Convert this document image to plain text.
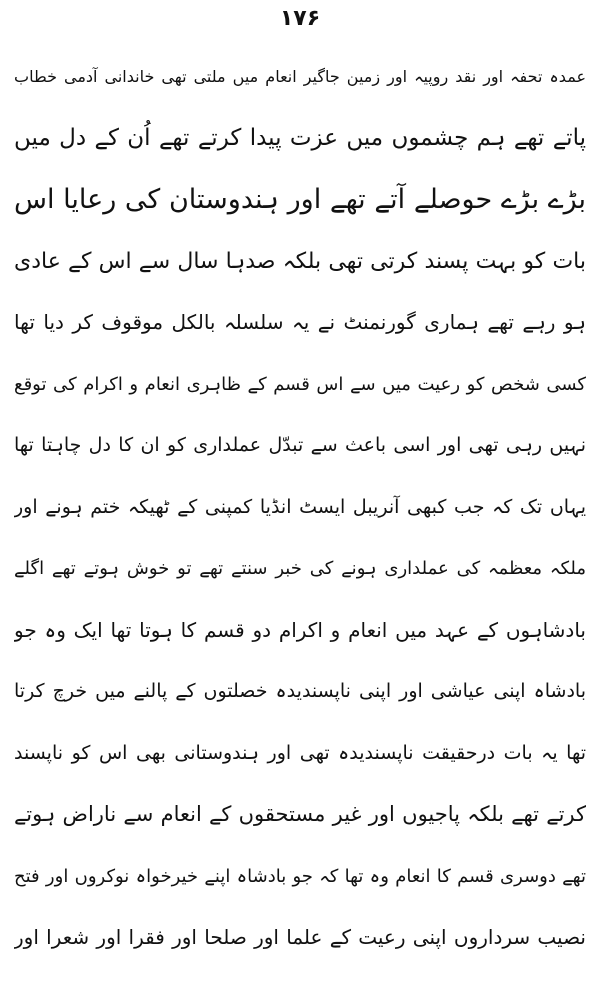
۱۷۶
عمدہ تحفہ اور نقد روپیہ اور زمین جاگیر انعام میں ملتی تھی خاندانی آدمی خطاب
پاتے تھے ہم چشموں میں عزت پیدا کرتے تھے اُن کے دل میں
بڑے بڑے حوصلے آتے تھے اور ہندوستان کی رعایا اس
بات کو بہت پسند کرتی تھی بلکہ صدہا سال سے اس کے عادی
ہو رہے تھے ہماری گورنمنٹ نے یہ سلسلہ بالکل موقوف کر دیا تھا
کسی شخص کو رعیت میں سے اس قسم کے ظاہری انعام و اکرام کی توقع
نہیں رہی تھی اور اسی باعث سے تبدّل عملداری کو ان کا دل چاہتا تھا
یہاں تک کہ جب کبھی آنریبل ایسٹ انڈیا کمپنی کے ٹھیکہ ختم ہونے اور
ملکہ معظمہ کی عملداری ہونے کی خبر سنتے تھے تو خوش ہوتے تھے اگلے
بادشاہوں کے عہد میں انعام و اکرام دو قسم کا ہوتا تھا ایک وہ جو
بادشاہ اپنی عیاشی اور اپنی ناپسندیدہ خصلتوں کے پالنے میں خرچ کرتا
تھا یہ بات درحقیقت ناپسندیدہ تھی اور ہندوستانی بھی اس کو ناپسند
کرتے تھے بلکہ پاجیوں اور غیر مستحقوں کے انعام سے ناراض ہوتے
تھے دوسری قسم کا انعام وہ تھا کہ جو بادشاہ اپنے خیرخواہ نوکروں اور فتح
نصیب سرداروں اپنی رعیت کے علما اور صلحا اور فقرا اور شعرا اور
